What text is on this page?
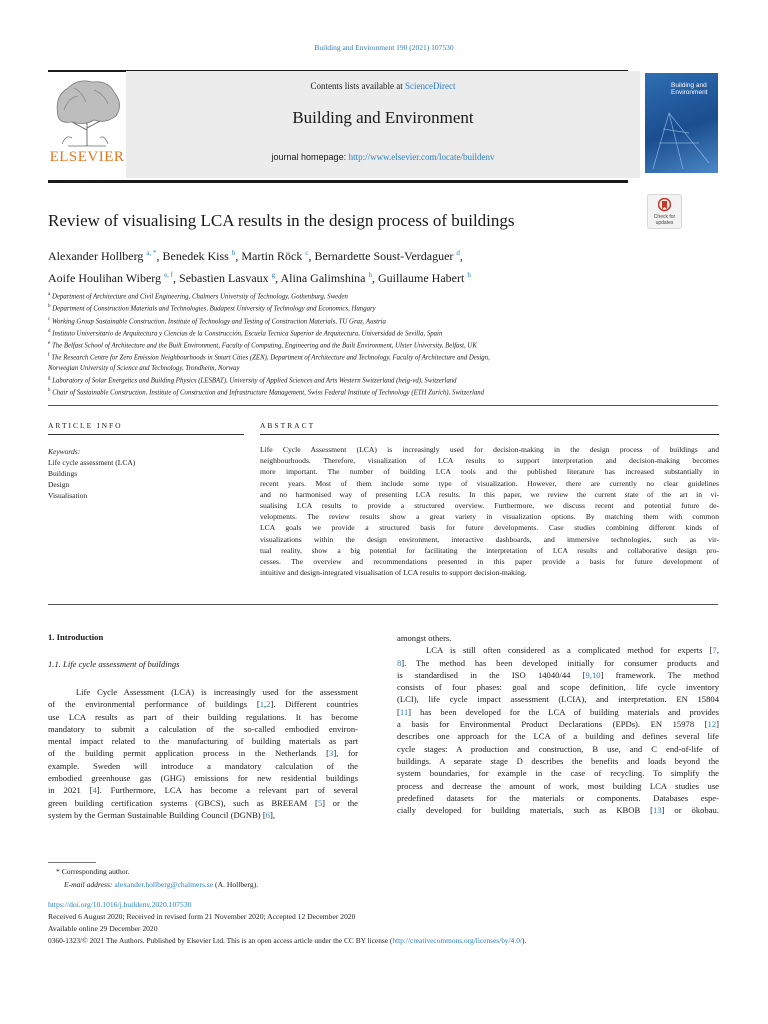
Building and Environment 190 (2021) 107530
ELSEVIER
Contents lists available at ScienceDirect
Building and Environment
journal homepage: http://www.elsevier.com/locate/buildenv
Building and Environment
Check for
updates
Review of visualising LCA results in the design process of buildings
Alexander Hollberg $^{a, *}$, Benedek Kiss $^b$, Martin Röck $^c$, Bernardette Soust-Verdaguer $^d$,
Aoife Houlihan Wiberg $^{e, f}$, Sebastien Lasvaux $^g$, Alina Galimshina $^h$, Guillaume Habert $^h$
$^a$ Department of Architecture and Civil Engineering, Chalmers University of Technology, Gothenburg, Sweden
$^b$ Department of Construction Materials and Technologies, Budapest University of Technology and Economics, Hungary
$^c$ Working Group Sustainable Construction, Institute of Technology and Testing of Construction Materials, TU Graz, Austria
$^d$ Instituto Universitario de Arquitectura y Ciencias de la Construcción, Escuela Tecnica Superior de Arquitectura, Universidad de Sevilla, Spain
$^e$ The Belfast School of Architecture and the Built Environment, Faculty of Computing, Engineering and the Built Environment, Ulster University, Belfast, UK
$^f$ The Research Centre for Zero Emission Neighbourhoods in Smart Cities (ZEN), Department of Architecture and Technology, Faculty of Architecture and Design,
Norwegian University of Science and Technology, Trondheim, Norway
$^g$ Laboratory of Solar Energetics and Building Physics (LESBAT), University of Applied Sciences and Arts Western Switzerland (heig-vd), Switzerland
$^h$ Chair of Sustainable Construction, Institute of Construction and Infrastructure Management, Swiss Federal Institute of Technology (ETH Zurich), Switzerland
ARTICLE INFO
Keywords:
Life cycle assessment (LCA)
Buildings
Design
Visualisation
ABSTRACT
Life Cycle Assessment (LCA) is increasingly used for decision-making in the design process of buildings and
neighbourhoods. Therefore, visualization of LCA results to support interpretation and decision-making becomes
more important. The number of building LCA tools and the published literature has increased substantially in
recent years. Most of them include some type of visualization. However, there are currently no clear guidelines
and no harmonised way of presenting LCA results. In this paper, we review the current state of the art in vi-
sualising LCA results to provide a structured overview. Furthermore, we discuss recent and potential future de-
velopments. The review results show a great variety in visualization options. By matching them with common
LCA goals we provide a structured basis for future developments. Case studies combining different kinds of
visualizations within the design environment, interactive dashboards, and immersive technologies, such as vir-
tual reality, show a big potential for facilitating the interpretation of LCA results and collaborative design pro-
cesses. The overview and recommendations presented in this paper provide a basis for future development of
intuitive and design-integrated visualisation of LCA results to support decision-making.
1. Introduction
1.1. Life cycle assessment of buildings
Life Cycle Assessment (LCA) is increasingly used for the assessment
of the environmental performance of buildings [1,2]. Different countries
use LCA results as part of their building regulations. It has become
mandatory to submit a calculation of the so-called embodied environ-
mental impact related to the manufacturing of building materials as part
of the building permit application process in the Netherlands [3], for
example. Sweden will introduce a mandatory calculation of the
embodied greenhouse gas (GHG) emissions for new residential buildings
in 2021 [4]. Furthermore, LCA has become a relevant part of several
green building certification systems (GBCS), such as BREEAM [5] or the
system by the German Sustainable Building Council (DGNB) [6],
amongst others.
LCA is still often considered as a complicated method for experts [7,
8]. The method has been developed initially for consumer products and
is standardised in the ISO 14040/44 [9,10] framework. The method
consists of four phases: goal and scope definition, life cycle inventory
(LCI), life cycle impact assessment (LCIA), and interpretation. EN 15804
[11] has been developed for the LCA of building materials and provides
a basis for Environmental Product Declarations (EPDs). EN 15978 [12]
describes one approach for the LCA of a building and defines several life
cycle stages: A production and construction, B use, and C end-of-life of
buildings. A separate stage D describes the benefits and loads beyond the
system boundaries, for example in the case of recycling. To simplify the
process and decrease the amount of work, most building LCA studies use
predefined datasets for the materials or components. Databases espe-
cially developed for building materials, such as KBOB [13] or ökobau.
* Corresponding author.
E-mail address: alexander.hollberg@chalmers.se (A. Hollberg).
https://doi.org/10.1016/j.buildenv.2020.107530
Received 6 August 2020; Received in revised form 21 November 2020; Accepted 12 December 2020
Available online 29 December 2020
0360-1323/© 2021 The Authors. Published by Elsevier Ltd. This is an open access article under the CC BY license (http://creativecommons.org/licenses/by/4.0/).
